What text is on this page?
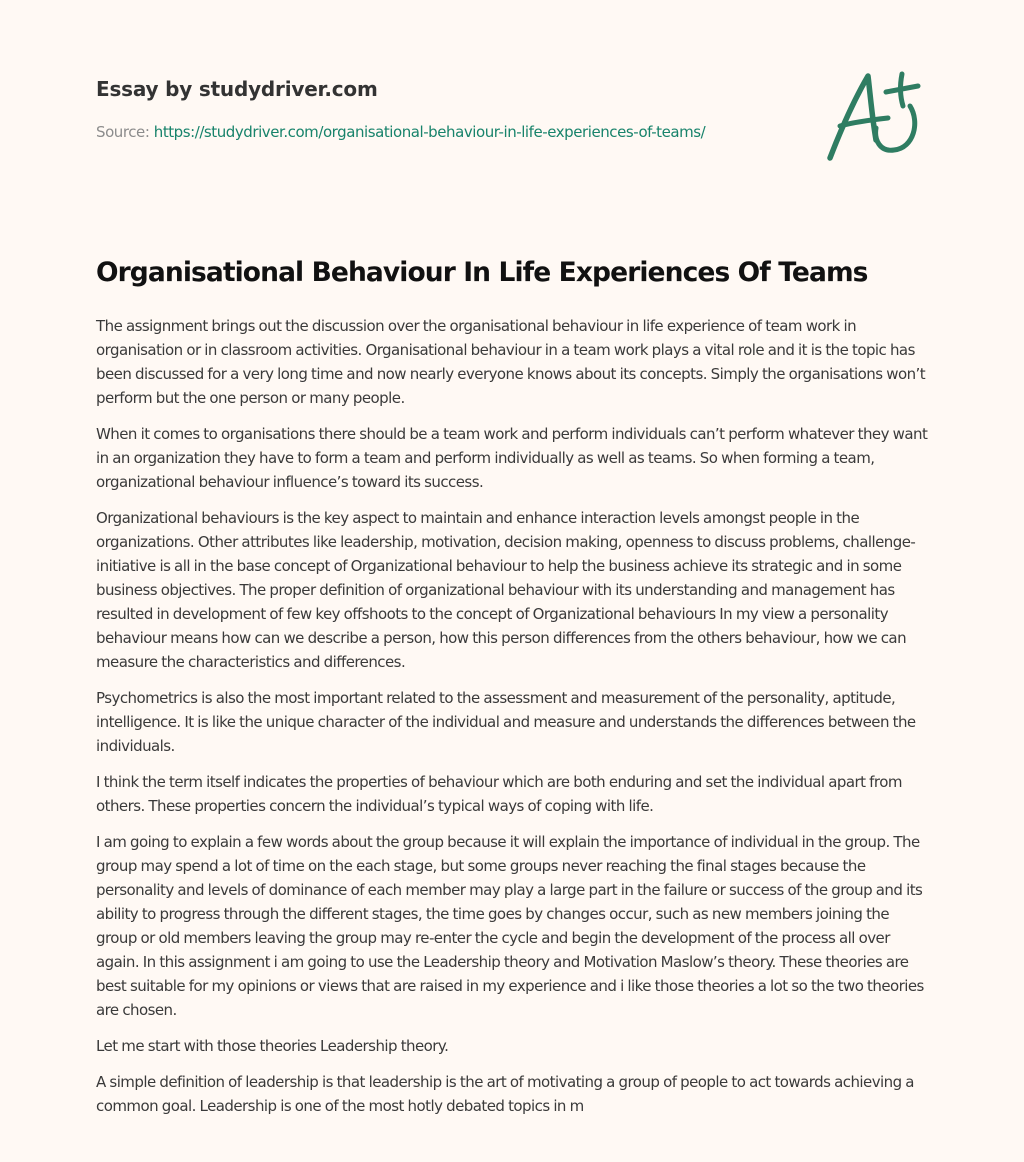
Essay by studydriver.com
Source: https://studydriver.com/organisational-behaviour-in-life-experiences-of-teams/
Organisational Behaviour In Life Experiences Of Teams

The assignment brings out the discussion over the organisational behaviour in life experience of team work in organisation or in classroom activities. Organisational behaviour in a team work plays a vital role and it is the topic has been discussed for a very long time and now nearly everyone knows about its concepts. Simply the organisations won’t perform but the one person or many people.

When it comes to organisations there should be a team work and perform individuals can’t perform whatever they want in an organization they have to form a team and perform individually as well as teams. So when forming a team, organizational behaviour influence’s toward its success.

Organizational behaviours is the key aspect to maintain and enhance interaction levels amongst people in the organizations. Other attributes like leadership, motivation, decision making, openness to discuss problems, challenge-initiative is all in the base concept of Organizational behaviour to help the business achieve its strategic and in some business objectives. The proper definition of organizational behaviour with its understanding and management has resulted in development of few key offshoots to the concept of Organizational behaviours In my view a personality behaviour means how can we describe a person, how this person differences from the others behaviour, how we can measure the characteristics and differences.

Psychometrics is also the most important related to the assessment and measurement of the personality, aptitude, intelligence. It is like the unique character of the individual and measure and understands the differences between the individuals.

I think the term itself indicates the properties of behaviour which are both enduring and set the individual apart from others. These properties concern the individual’s typical ways of coping with life.

I am going to explain a few words about the group because it will explain the importance of individual in the group. The group may spend a lot of time on the each stage, but some groups never reaching the final stages because the personality and levels of dominance of each member may play a large part in the failure or success of the group and its ability to progress through the different stages, the time goes by changes occur, such as new members joining the group or old members leaving the group may re-enter the cycle and begin the development of the process all over again. In this assignment i am going to use the Leadership theory and Motivation Maslow’s theory. These theories are best suitable for my opinions or views that are raised in my experience and i like those theories a lot so the two theories are chosen.

Let me start with those theories Leadership theory.

A simple definition of leadership is that leadership is the art of motivating a group of people to act towards achieving a common goal. Leadership is one of the most hotly debated topics in m
